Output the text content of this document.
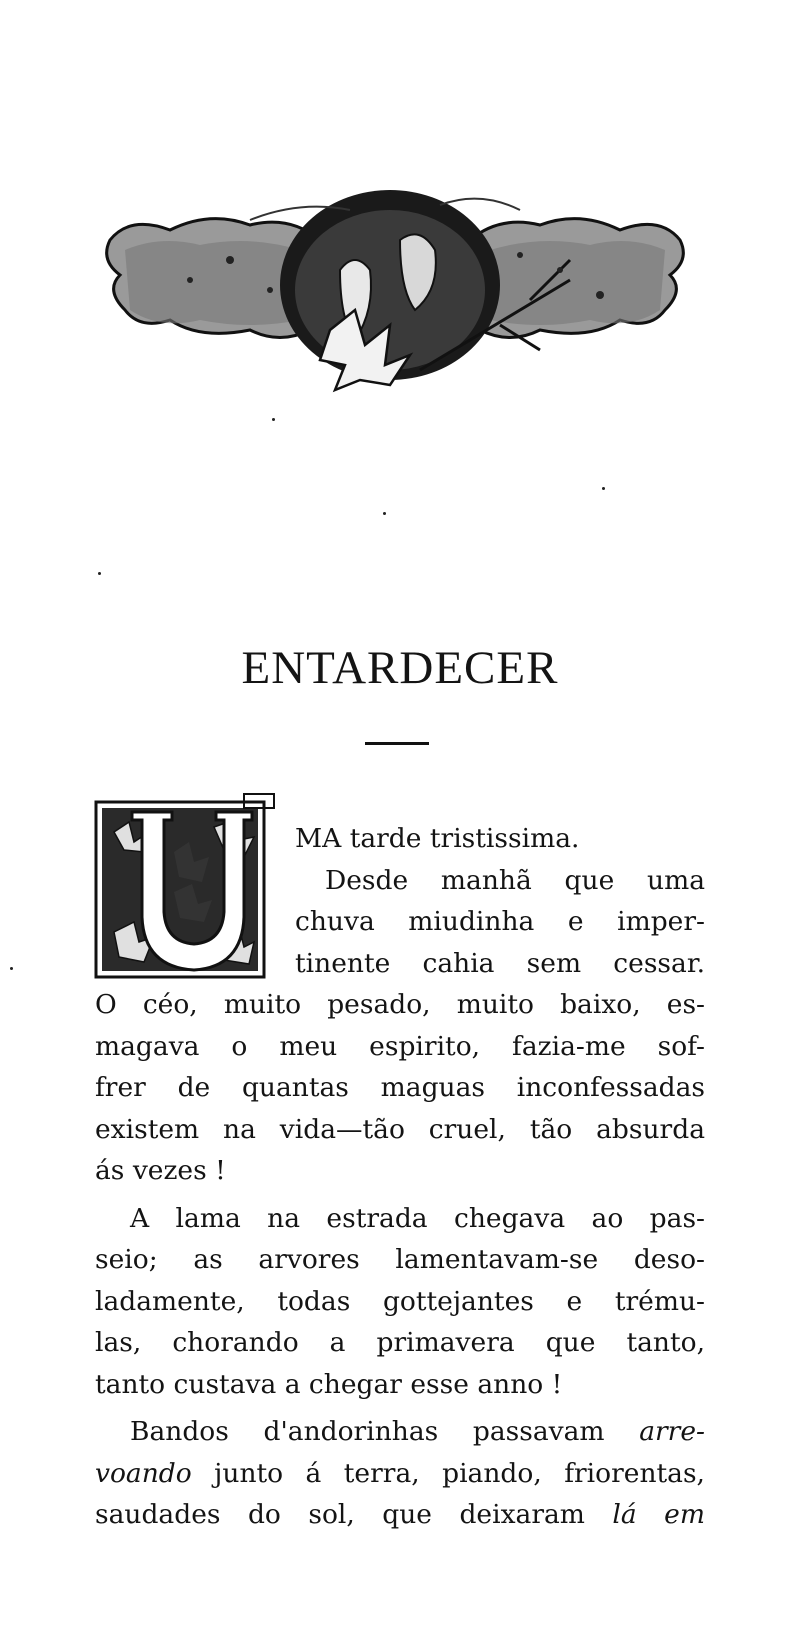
ENTARDECER
MA tarde tristissima.
Desde manhã que uma
chuva miudinha e imper-
tinente cahia sem cessar.
O céo, muito pesado, muito baixo, es-
magava o meu espirito, fazia-me sof-
frer de quantas maguas inconfessadas
existem na vida—tão cruel, tão absurda
ás vezes !
A lama na estrada chegava ao pas-
seio; as arvores lamentavam-se deso-
ladamente, todas gottejantes e trému-
las, chorando a primavera que tanto,
tanto custava a chegar esse anno !
Bandos d'andorinhas passavam arre-
voando junto á terra, piando, friorentas,
saudades do sol, que deixaram lá em
